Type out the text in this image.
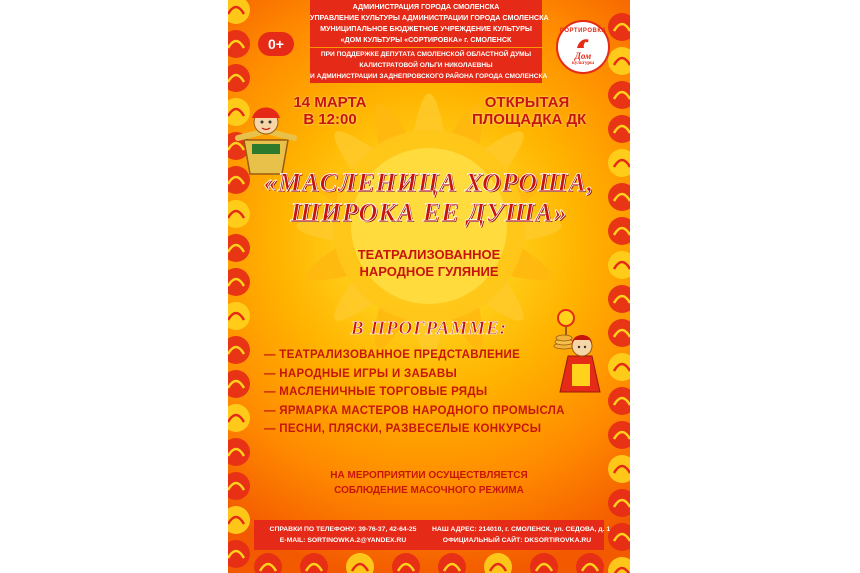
АДМИНИСТРАЦИЯ ГОРОДА СМОЛЕНСКА
УПРАВЛЕНИЕ КУЛЬТУРЫ АДМИНИСТРАЦИИ ГОРОДА СМОЛЕНСКА
МУНИЦИПАЛЬНОЕ БЮДЖЕТНОЕ УЧРЕЖДЕНИЕ КУЛЬТУРЫ
«ДОМ КУЛЬТУРЫ «СОРТИРОВКА» г. СМОЛЕНСК
ПРИ ПОДДЕРЖКЕ ДЕПУТАТА СМОЛЕНСКОЙ ОБЛАСТНОЙ ДУМЫ
КАЛИСТРАТОВОЙ ОЛЬГИ НИКОЛАЕВНЫ
И АДМИНИСТРАЦИИ ЗАДНЕПРОВСКОГО РАЙОНА ГОРОДА СМОЛЕНСКА
0+
СОРТИРОВКА
Дом
культуры
14 МАРТА
В 12:00
ОТКРЫТАЯ
ПЛОЩАДКА ДК
«МАСЛЕНИЦА ХОРОША,
ШИРОКА ЕЕ ДУША»
ТЕАТРАЛИЗОВАННОЕ
НАРОДНОЕ ГУЛЯНИЕ
В ПРОГРАММЕ:
— ТЕАТРАЛИЗОВАННОЕ ПРЕДСТАВЛЕНИЕ
— НАРОДНЫЕ ИГРЫ И ЗАБАВЫ
— МАСЛЕНИЧНЫЕ ТОРГОВЫЕ РЯДЫ
— ЯРМАРКА МАСТЕРОВ НАРОДНОГО ПРОМЫСЛА
— ПЕСНИ, ПЛЯСКИ, РАЗВЕСЕЛЫЕ КОНКУРСЫ
НА МЕРОПРИЯТИИ ОСУЩЕСТВЛЯЕТСЯ
СОБЛЮДЕНИЕ МАСОЧНОГО РЕЖИМА
СПРАВКИ ПО ТЕЛЕФОНУ: 39-76-37, 42-64-25
E-MAIL: SORTINOWKA.2@YANDEX.RU
НАШ АДРЕС: 214010, г. СМОЛЕНСК, ул. СЕДОВА, д. 1
ОФИЦИАЛЬНЫЙ САЙТ: DKSORTIROVKA.RU
